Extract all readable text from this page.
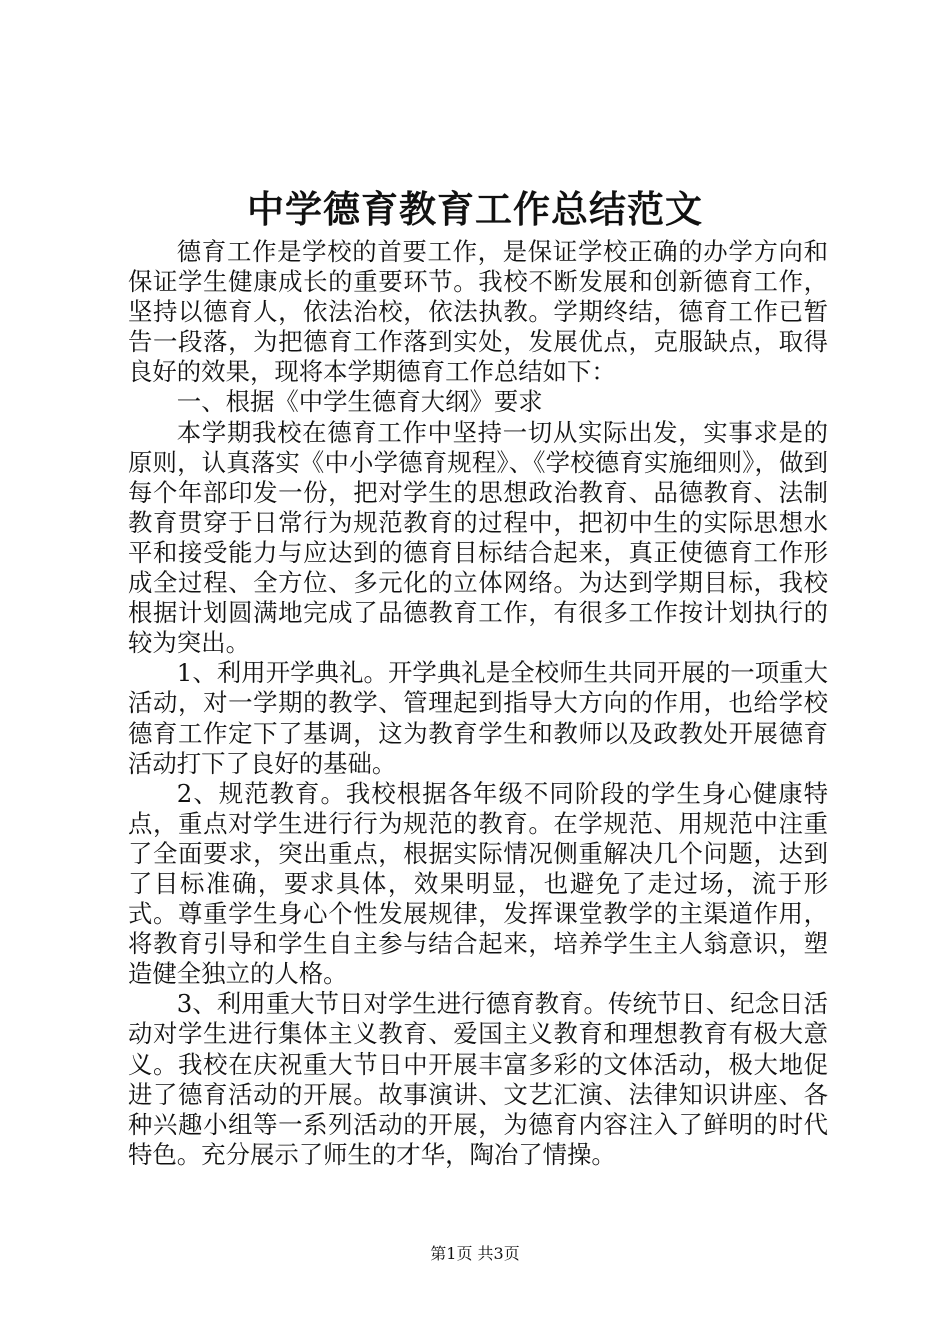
中学德育教育工作总结范文

德育工作是学校的首要工作，是保证学校正确的办学方向和保证学生健康成长的重要环节。我校不断发展和创新德育工作，坚持以德育人，依法治校，依法执教。学期终结，德育工作已暂告一段落，为把德育工作落到实处，发展优点，克服缺点，取得良好的效果，现将本学期德育工作总结如下：

一、根据《中学生德育大纲》要求

本学期我校在德育工作中坚持一切从实际出发，实事求是的原则，认真落实《中小学德育规程》、《学校德育实施细则》，做到每个年部印发一份，把对学生的思想政治教育、品德教育、法制教育贯穿于日常行为规范教育的过程中，把初中生的实际思想水平和接受能力与应达到的德育目标结合起来，真正使德育工作形成全过程、全方位、多元化的立体网络。为达到学期目标，我校根据计划圆满地完成了品德教育工作，有很多工作按计划执行的较为突出。

1、利用开学典礼。开学典礼是全校师生共同开展的一项重大活动，对一学期的教学、管理起到指导大方向的作用，也给学校德育工作定下了基调，这为教育学生和教师以及政教处开展德育活动打下了良好的基础。

2、规范教育。我校根据各年级不同阶段的学生身心健康特点，重点对学生进行行为规范的教育。在学规范、用规范中注重了全面要求，突出重点，根据实际情况侧重解决几个问题，达到了目标准确，要求具体，效果明显，也避免了走过场，流于形式。尊重学生身心个性发展规律，发挥课堂教学的主渠道作用，将教育引导和学生自主参与结合起来，培养学生主人翁意识，塑造健全独立的人格。

3、利用重大节日对学生进行德育教育。传统节日、纪念日活动对学生进行集体主义教育、爱国主义教育和理想教育有极大意义。我校在庆祝重大节日中开展丰富多彩的文体活动，极大地促进了德育活动的开展。故事演讲、文艺汇演、法律知识讲座、各种兴趣小组等一系列活动的开展，为德育内容注入了鲜明的时代特色。充分展示了师生的才华，陶冶了情操。

第1页 共3页
